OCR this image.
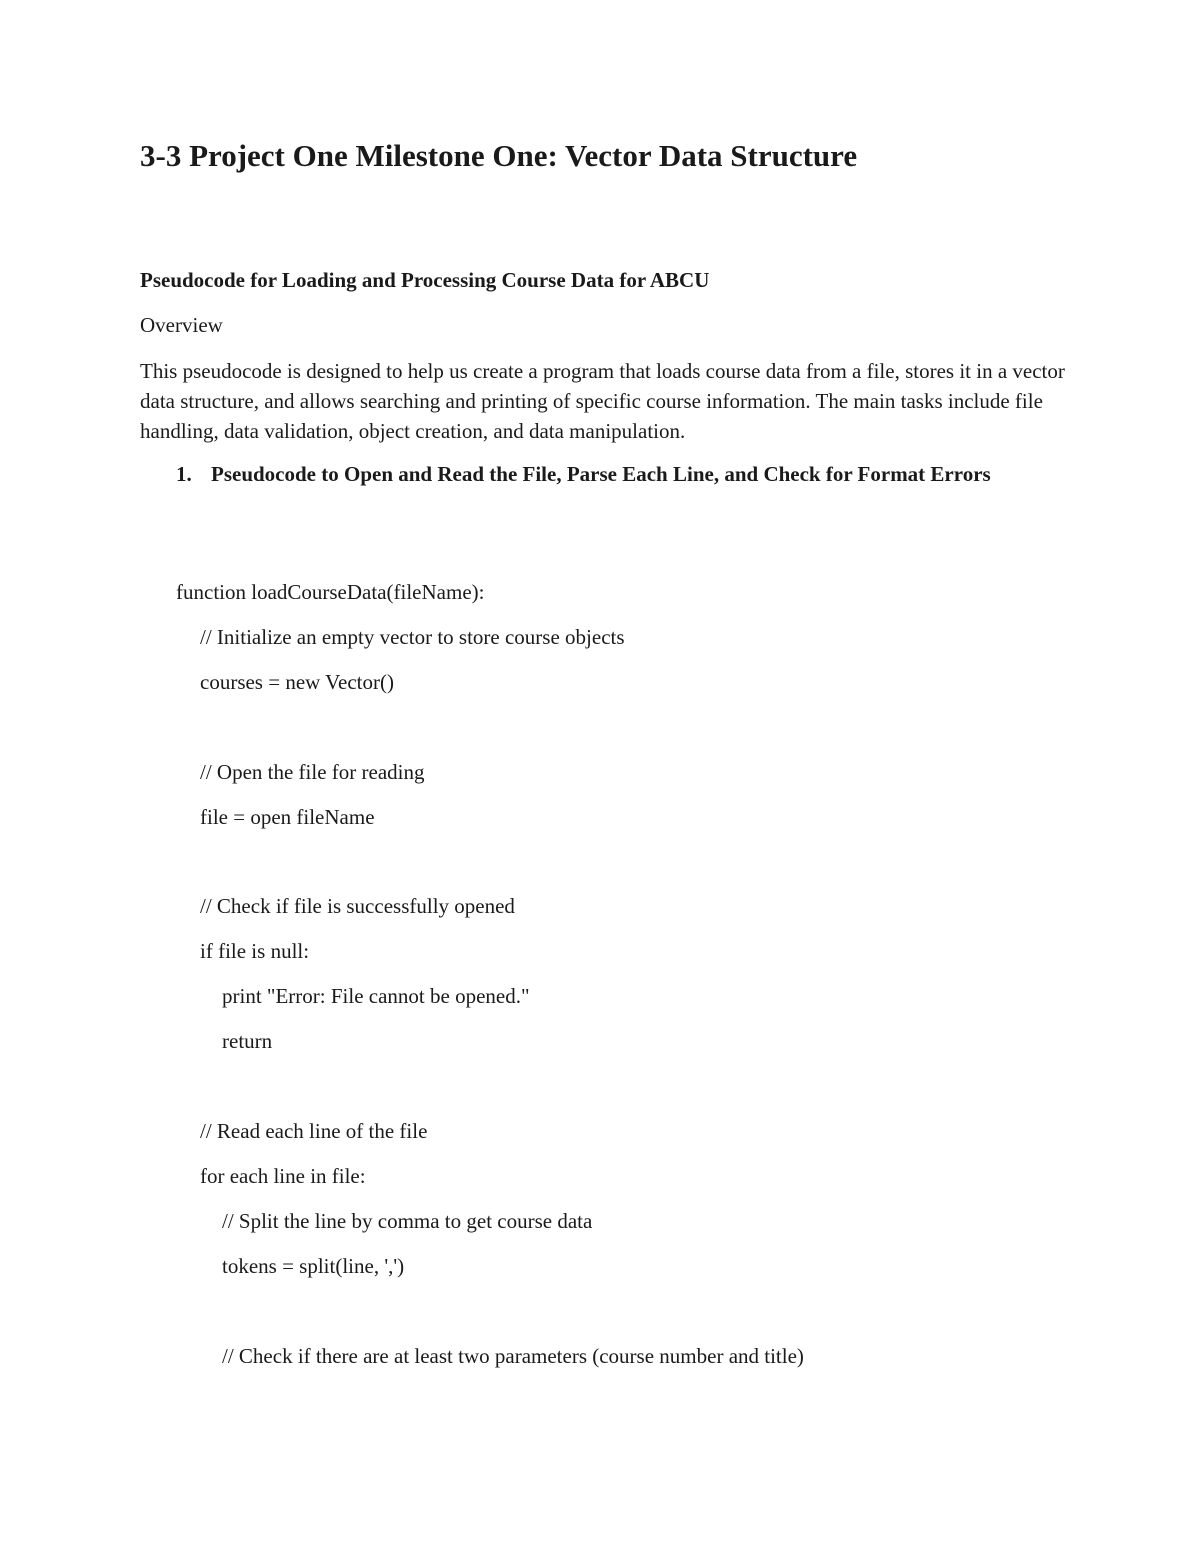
3-3 Project One Milestone One: Vector Data Structure
Pseudocode for Loading and Processing Course Data for ABCU

Overview

This pseudocode is designed to help us create a program that loads course data from a file, stores it in a vector data structure, and allows searching and printing of specific course information. The main tasks include file handling, data validation, object creation, and data manipulation.

1. Pseudocode to Open and Read the File, Parse Each Line, and Check for Format Errors

function loadCourseData(fileName):

// Initialize an empty vector to store course objects

courses = new Vector()

// Open the file for reading

file = open fileName

// Check if file is successfully opened

if file is null:

print "Error: File cannot be opened."

return

// Read each line of the file

for each line in file:

// Split the line by comma to get course data

tokens = split(line, ',')

// Check if there are at least two parameters (course number and title)
